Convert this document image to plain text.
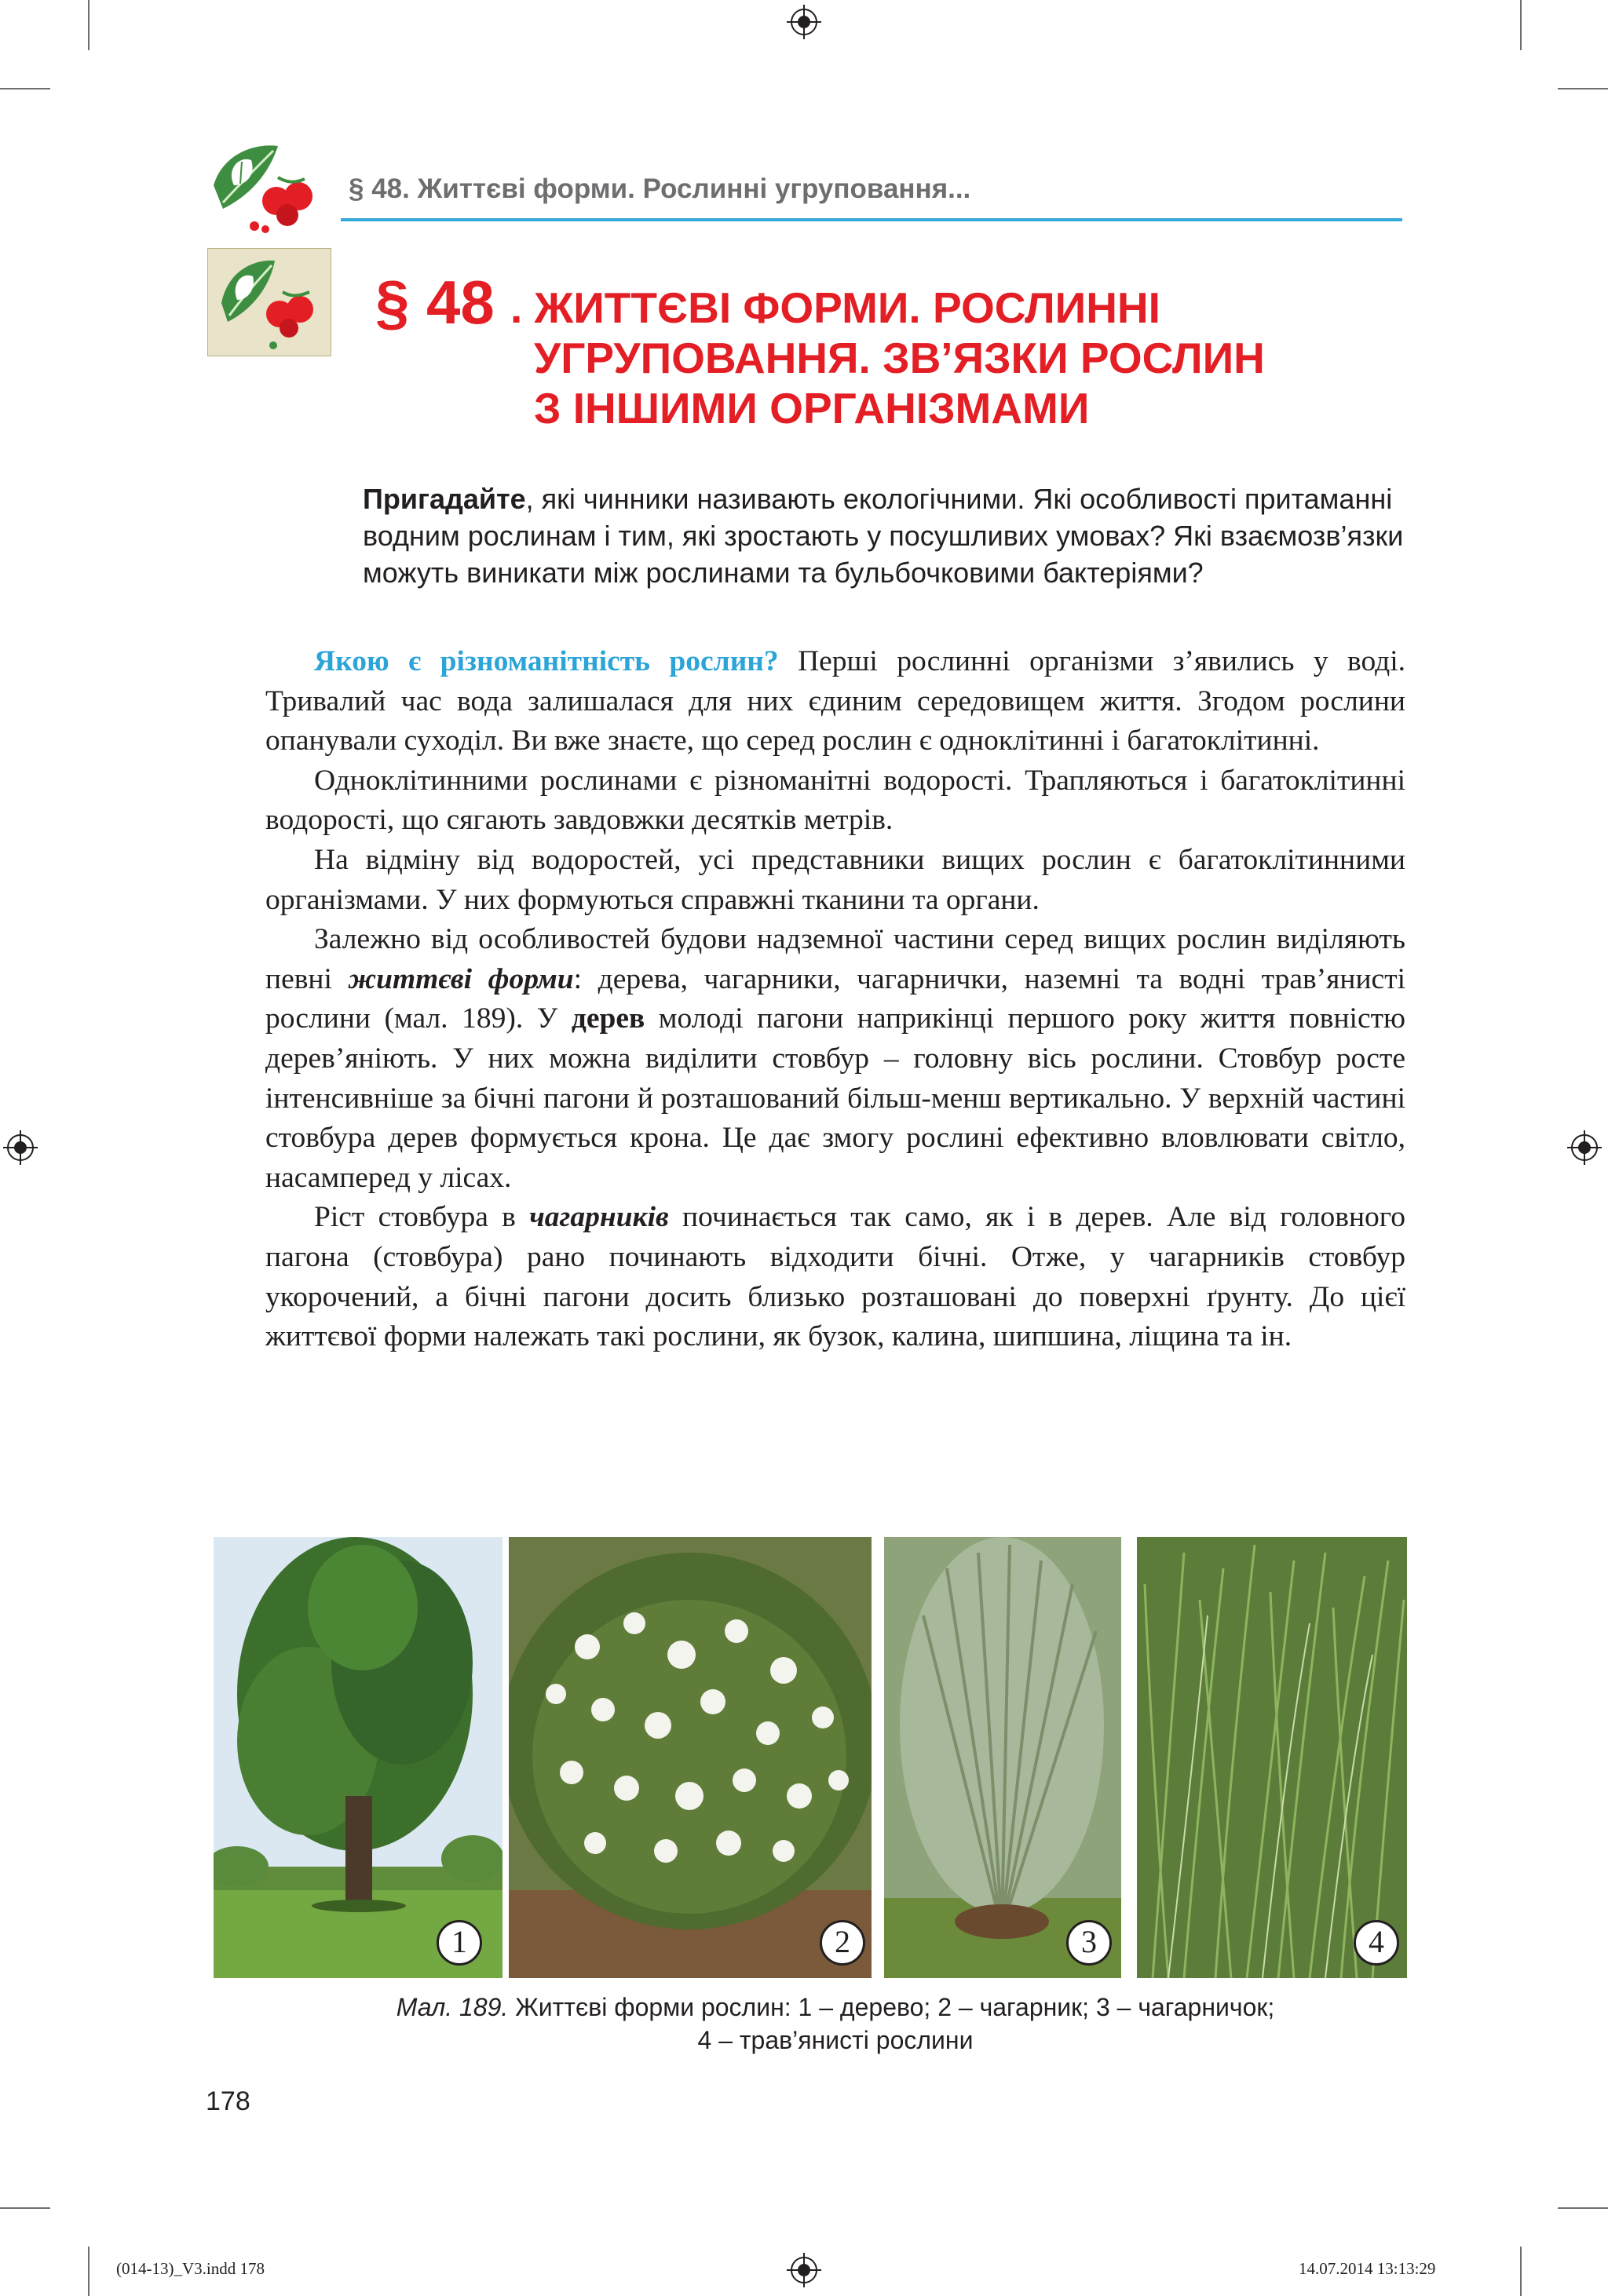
§ 48. Життєві форми. Рослинні угруповання...
§ 48 . ЖИТТЄВІ ФОРМИ. РОСЛИННІ
УГРУПОВАННЯ. ЗВ’ЯЗКИ РОСЛИН
З ІНШИМИ ОРГАНІЗМАМИ
Пригадайте, які чинники називають екологічними. Які особливості притаманні водним рослинам і тим, які зростають у посушливих умовах? Які взаємозв’язки можуть виникати між рослинами та бульбочковими бактеріями?

Якою є різноманітність рослин? Перші рослинні організми з’явились у воді. Тривалий час вода залишалася для них єдиним середовищем життя. Згодом рослини опанували суходіл. Ви вже знаєте, що серед рослин є одноклітинні і багатоклітинні.

Одноклітинними рослинами є різноманітні водорості. Трапляються і багатоклітинні водорості, що сягають завдовжки десятків метрів.

На відміну від водоростей, усі представники вищих рослин є багатоклітинними організмами. У них формуються справжні тканини та органи.

Залежно від особливостей будови надземної частини серед вищих рослин виділяють певні життєві форми: дерева, чагарники, чагарнички, наземні та водні трав’янисті рослини (мал. 189). У дерев молоді пагони наприкінці першого року життя повністю дерев’яніють. У них можна виділити стовбур – головну вісь рослини. Стовбур росте інтенсивніше за бічні пагони й розташований більш-менш вертикально. У верхній частині стовбура дерев формується крона. Це дає змогу рослині ефективно вловлювати світло, насамперед у лісах.

Ріст стовбура в чагарників починається так само, як і в дерев. Але від головного пагона (стовбура) рано починають відходити бічні. Отже, у чагарників стовбур укорочений, а бічні пагони досить близько розташовані до поверхні ґрунту. До цієї життєвої форми належать такі рослини, як бузок, калина, шипшина, ліщина та ін.

1	2	3	4
Мал. 189. Життєві форми рослин: 1 – дерево; 2 – чагарник; 3 – чагарничок;
4 – трав’янисті рослини
178
(014-13)_V3.indd 178	14.07.2014 13:13:29
